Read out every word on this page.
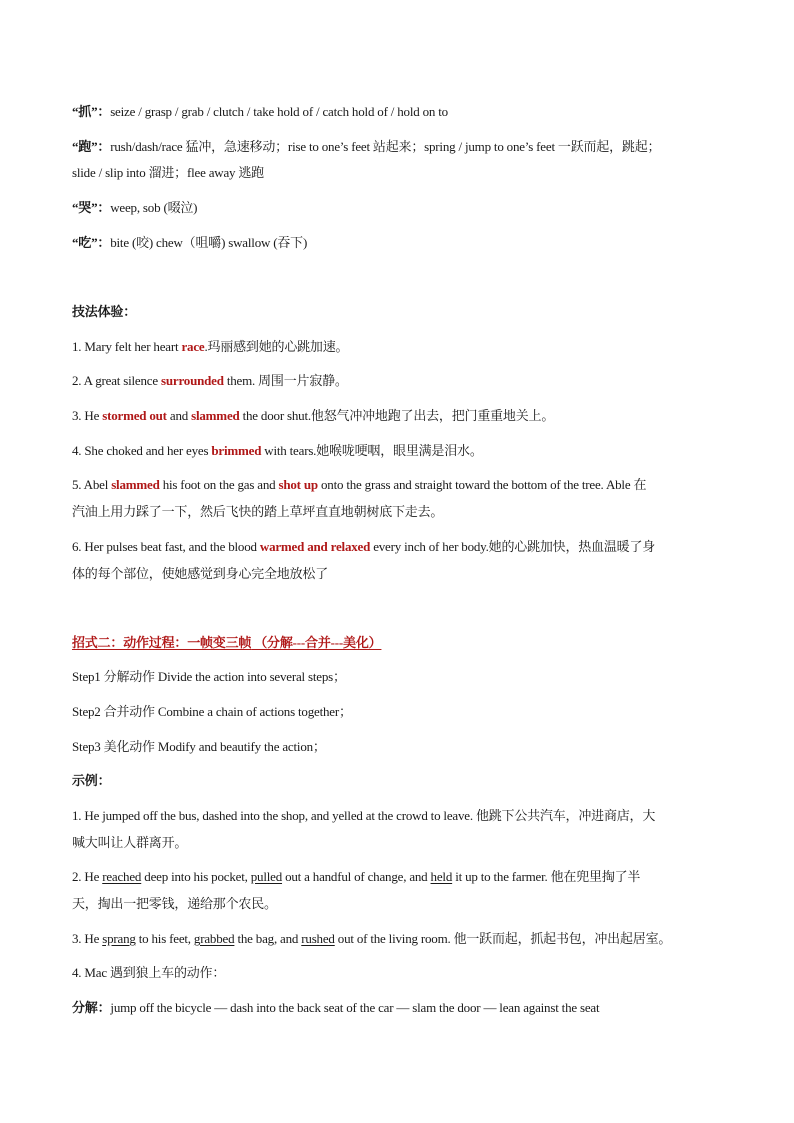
“抓”：seize / grasp / grab / clutch / take hold of / catch hold of / hold on to
“跑”：rush/dash/race 猛冲，急速移动；rise to one’s feet 站起来；spring / jump to one’s feet 一跃而起，跳起；
slide / slip into 溜进；flee away 逃跑
“哭”：weep, sob (啜泣)
“吃”：bite (咬) chew（咀嚼) swallow (吞下)
技法体验：
1. Mary felt her heart race.玛丽感到她的心跳加速。
2. A great silence surrounded them. 周围一片寂静。
3. He stormed out and slammed the door shut.他怒气冲冲地跑了出去，把门重重地关上。
4. She choked and her eyes brimmed with tears.她喉咙哽咽，眼里满是泪水。
5. Abel slammed his foot on the gas and shot up onto the grass and straight toward the bottom of the tree. Able 在
汽油上用力踩了一下，然后飞快的踏上草坪直直地朝树底下走去。
6. Her pulses beat fast, and the blood warmed and relaxed every inch of her body.她的心跳加快，热血温暖了身
体的每个部位，使她感觉到身心完全地放松了
招式二：动作过程：一帧变三帧 （分解---合并---美化）
Step1 分解动作 Divide the action into several steps；
Step2 合并动作 Combine a chain of actions together；
Step3 美化动作 Modify and beautify the action；
示例：
1. He jumped off the bus, dashed into the shop, and yelled at the crowd to leave. 他跳下公共汽车，冲进商店，大
喊大叫让人群离开。
2. He reached deep into his pocket, pulled out a handful of change, and held it up to the farmer. 他在兜里掏了半
天，掏出一把零钱，递给那个农民。
3. He sprang to his feet, grabbed the bag, and rushed out of the living room. 他一跃而起，抓起书包，冲出起居室。
4. Mac 遇到狼上车的动作：
分解：jump off the bicycle — dash into the back seat of the car — slam the door — lean against the seat
